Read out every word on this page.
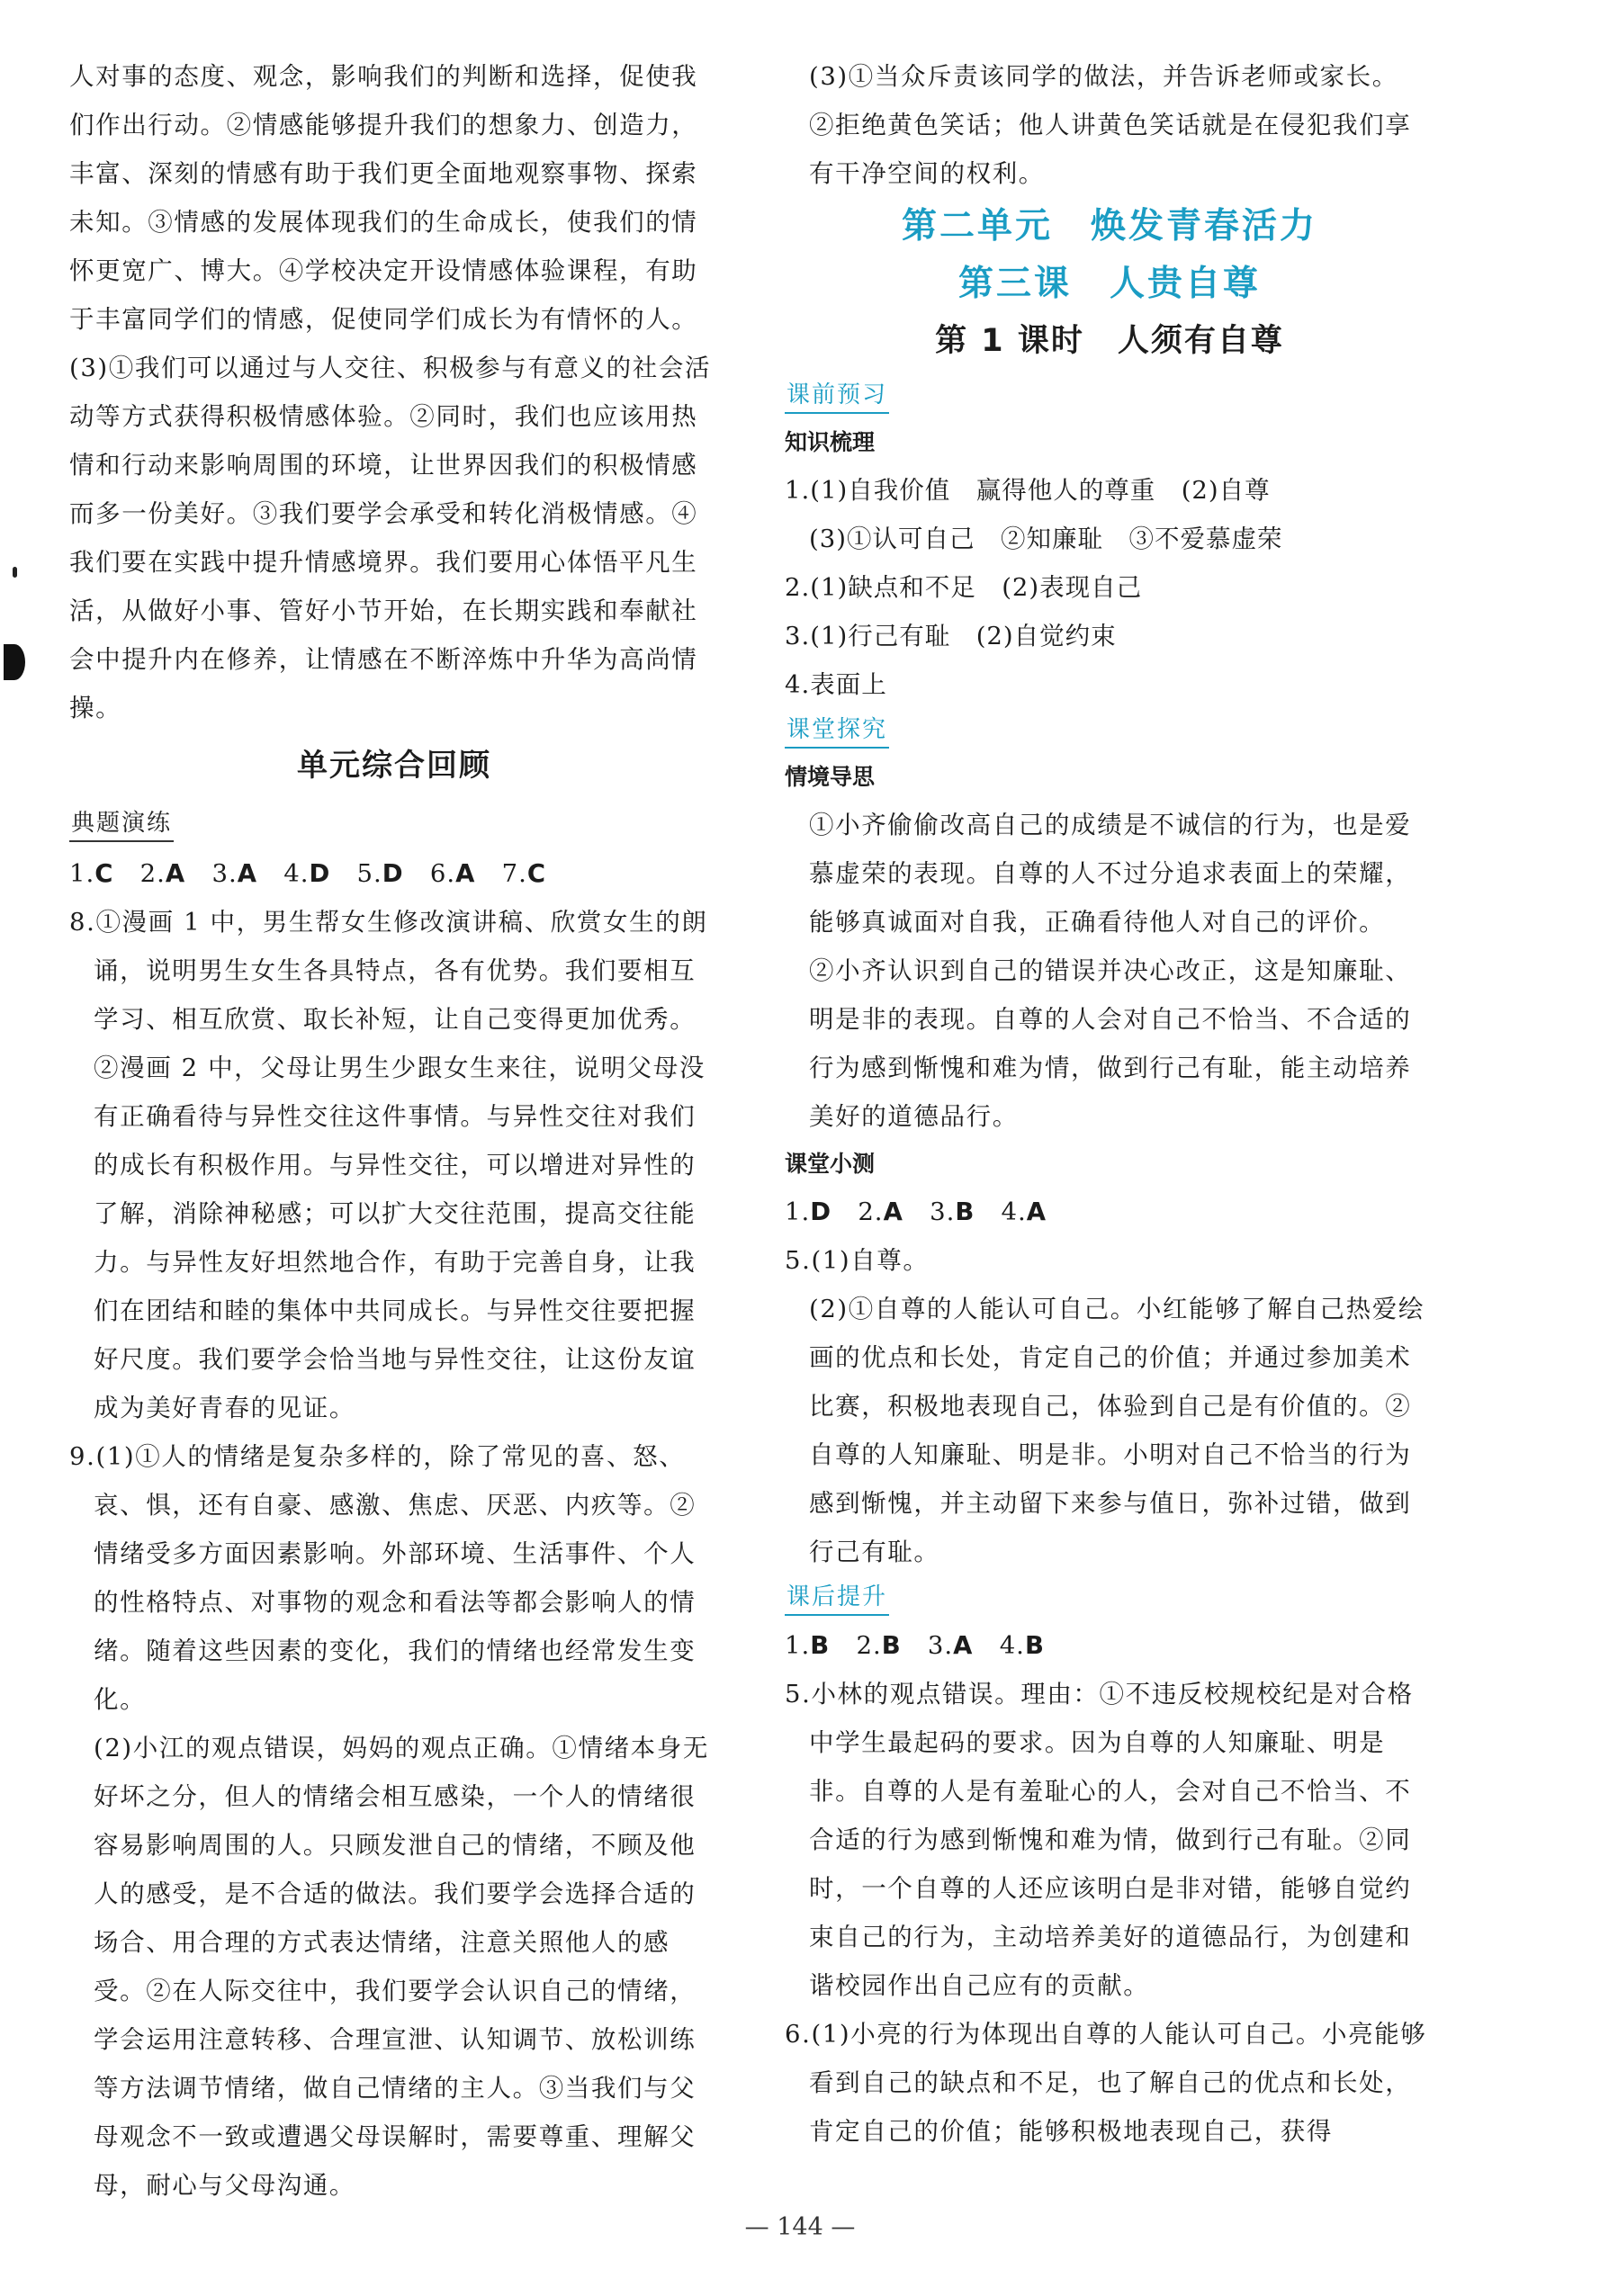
人对事的态度、观念，影响我们的判断和选择，促使我们作出行动。②情感能够提升我们的想象力、创造力，丰富、深刻的情感有助于我们更全面地观察事物、探索未知。③情感的发展体现我们的生命成长，使我们的情怀更宽广、博大。④学校决定开设情感体验课程，有助于丰富同学们的情感，促使同学们成长为有情怀的人。

(3)①我们可以通过与人交往、积极参与有意义的社会活动等方式获得积极情感体验。②同时，我们也应该用热情和行动来影响周围的环境，让世界因我们的积极情感而多一份美好。③我们要学会承受和转化消极情感。④我们要在实践中提升情感境界。我们要用心体悟平凡生活，从做好小事、管好小节开始，在长期实践和奉献社会中提升内在修养，让情感在不断淬炼中升华为高尚情操。

单元综合回顾
典题演练

1.C 2.A 3.A 4.D 5.D 6.A 7.C

8.①漫画 1 中，男生帮女生修改演讲稿、欣赏女生的朗诵，说明男生女生各具特点，各有优势。我们要相互学习、相互欣赏、取长补短，让自己变得更加优秀。

②漫画 2 中，父母让男生少跟女生来往，说明父母没有正确看待与异性交往这件事情。与异性交往对我们的成长有积极作用。与异性交往，可以增进对异性的了解，消除神秘感；可以扩大交往范围，提高交往能力。与异性友好坦然地合作，有助于完善自身，让我们在团结和睦的集体中共同成长。与异性交往要把握好尺度。我们要学会恰当地与异性交往，让这份友谊成为美好青春的见证。

9.(1)①人的情绪是复杂多样的，除了常见的喜、怒、哀、惧，还有自豪、感激、焦虑、厌恶、内疚等。②情绪受多方面因素影响。外部环境、生活事件、个人的性格特点、对事物的观念和看法等都会影响人的情绪。随着这些因素的变化，我们的情绪也经常发生变化。

(2)小江的观点错误，妈妈的观点正确。①情绪本身无好坏之分，但人的情绪会相互感染，一个人的情绪很容易影响周围的人。只顾发泄自己的情绪，不顾及他人的感受，是不合适的做法。我们要学会选择合适的场合、用合理的方式表达情绪，注意关照他人的感受。②在人际交往中，我们要学会认识自己的情绪，学会运用注意转移、合理宣泄、认知调节、放松训练等方法调节情绪，做自己情绪的主人。③当我们与父母观念不一致或遭遇父母误解时，需要尊重、理解父母，耐心与父母沟通。

(3)①当众斥责该同学的做法，并告诉老师或家长。

②拒绝黄色笑话；他人讲黄色笑话就是在侵犯我们享有干净空间的权利。

第二单元　焕发青春活力
第三课　人贵自尊
第 1 课时　人须有自尊
课前预习

知识梳理

1.(1)自我价值　赢得他人的尊重　(2)自尊

(3)①认可自己　②知廉耻　③不爱慕虚荣

2.(1)缺点和不足　(2)表现自己

3.(1)行己有耻　(2)自觉约束

4.表面上

课堂探究

情境导思

①小齐偷偷改高自己的成绩是不诚信的行为，也是爱慕虚荣的表现。自尊的人不过分追求表面上的荣耀，能够真诚面对自我，正确看待他人对自己的评价。

②小齐认识到自己的错误并决心改正，这是知廉耻、明是非的表现。自尊的人会对自己不恰当、不合适的行为感到惭愧和难为情，做到行己有耻，能主动培养美好的道德品行。

课堂小测

1.D 2.A 3.B 4.A

5.(1)自尊。

(2)①自尊的人能认可自己。小红能够了解自己热爱绘画的优点和长处，肯定自己的价值；并通过参加美术比赛，积极地表现自己，体验到自己是有价值的。②自尊的人知廉耻、明是非。小明对自己不恰当的行为感到惭愧，并主动留下来参与值日，弥补过错，做到行己有耻。

课后提升

1.B 2.B 3.A 4.B

5.小林的观点错误。理由：①不违反校规校纪是对合格中学生最起码的要求。因为自尊的人知廉耻、明是非。自尊的人是有羞耻心的人，会对自己不恰当、不合适的行为感到惭愧和难为情，做到行己有耻。②同时，一个自尊的人还应该明白是非对错，能够自觉约束自己的行为，主动培养美好的道德品行，为创建和谐校园作出自己应有的贡献。

6.(1)小亮的行为体现出自尊的人能认可自己。小亮能够看到自己的缺点和不足，也了解自己的优点和长处，肯定自己的价值；能够积极地表现自己，获得

— 144 —
